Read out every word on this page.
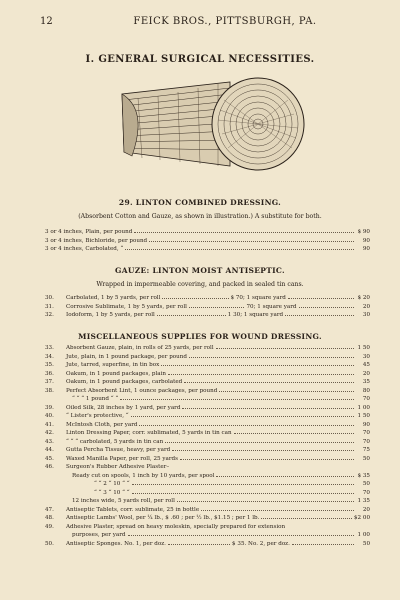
12	FEICK BROS., PITTSBURGH, PA.
I. GENERAL SURGICAL NECESSITIES.
29. LINTON COMBINED DRESSING.
(Absorbent Cotton and Gauze, as shown in illustration.) A substitute for both.
3 or 4 inches, Plain, per pound	$ 90
3 or 4 inches, Bichloride, per pound	90
3 or 4 inches, Carbolated, “	90
GAUZE: LINTON MOIST ANTISEPTIC.
Wrapped in impermeable covering, and packed in sealed tin cans.
30.	Carbolated, 1 by 5 yards, per roll	$ 70; 1 square yard	$ 20
31.	Corrosive Sublimate, 1 by 5 yards, per roll	70; 1 square yard	20
32.	Iodoform, 1 by 5 yards, per roll	1 30; 1 square yard	30
MISCELLANEOUS SUPPLIES FOR WOUND DRESSING.
33.	Absorbent Gauze, plain, in rolls of 25 yards, per roll	1 50
34.	Jute, plain, in 1 pound package, per pound	30
35.	Jute, tarred, superfine, in tin box	45
36.	Oakum, in 1 pound packages, plain	20
37.	Oakum, in 1 pound packages, carbolated	35
38.	Perfect Absorbent Lint, 1 ounce packages, per pound	80
“ “ “ 1 pound “ “	70
39.	Oiled Silk, 28 inches by 1 yard, per yard	1 00
40.	“ Lister's protective, “	1 50
41.	McIntosh Cloth, per yard	90
42.	Linton Dressing Paper, corr. sublimated, 5 yards in tin can	70
43.	“ “ “ carbolated, 5 yards in tin can	70
44.	Gutta Percha Tissue, heavy, per yard	75
45.	Waxed Manilla Paper, per roll, 25 yards	50
46.	Surgeon's Rubber Adhesive Plaster–
Ready cut on spools, 1 inch by 10 yards, per spool	$ 35
“ “ 2 “ 10 “ “	50
“ “ 3 “ 10 “ “	70
12 inches wide, 5 yards roll, per roll	1 35
47.	Antiseptic Tablets, corr. sublimate, 25 in bottle	20
48.	Antiseptic Lambs' Wool, per ¼ lb., $ .60 ; per ½ lb., $1.15 ; per 1 lb.	$2 00
49.	Adhesive Plaster, spread on heavy moleskin, specially prepared for extension
purposes, per yard	1 00
50.	Antiseptic Sponges. No. 1, per doz.	$ 35. No. 2, per doz.	50
